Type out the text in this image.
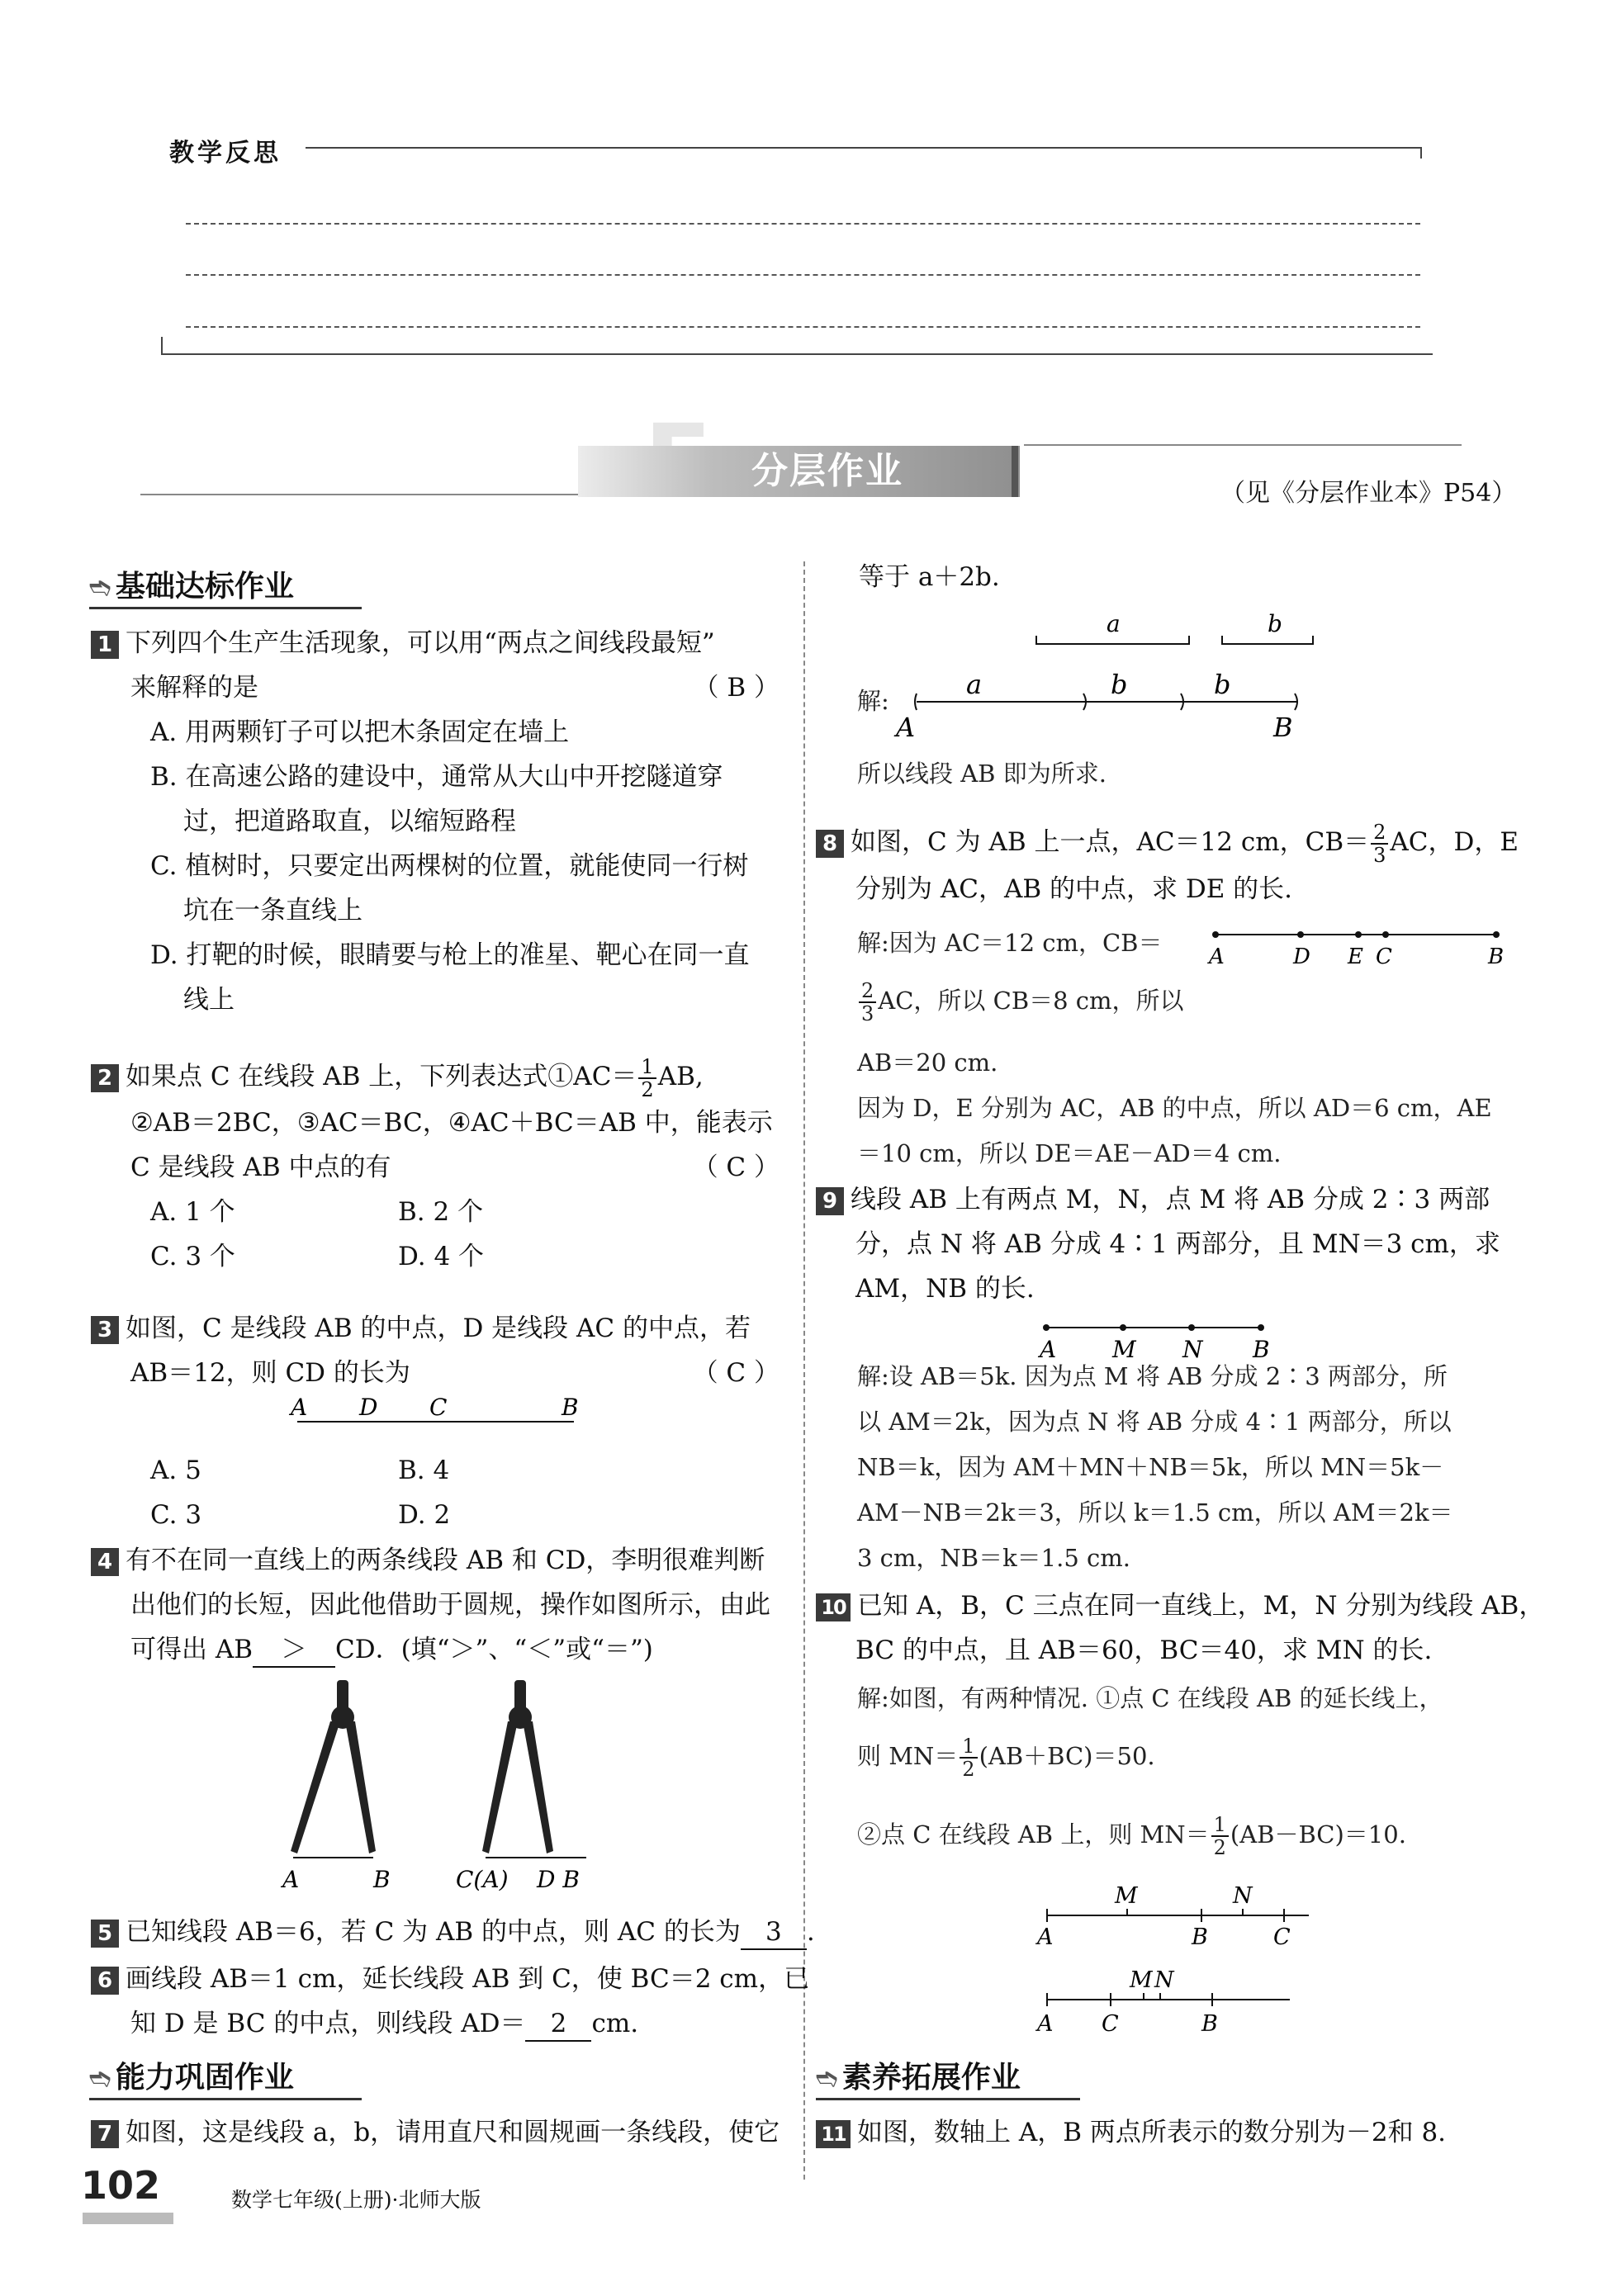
教学反思
分层作业
（见《分层作业本》P54）
➬ 基础达标作业
1 下列四个生产生活现象，可以用“两点之间线段最短”
来解释的是	（ B ）
A. 用两颗钉子可以把木条固定在墙上
B. 在高速公路的建设中，通常从大山中开挖隧道穿
过，把道路取直，以缩短路程
C. 植树时，只要定出两棵树的位置，就能使同一行树
坑在一条直线上
D. 打靶的时候，眼睛要与枪上的准星、靶心在同一直
线上
2 如果点 C 在线段 AB 上，下列表达式①AC＝ $\frac{1}{2}$ AB,
②AB＝2BC，③AC＝BC，④AC＋BC＝AB 中，能表示
C 是线段 AB 中点的有	（ C ）
A. 1 个	B. 2 个
C. 3 个	D. 4 个
3 如图，C 是线段 AB 的中点，D 是线段 AC 的中点，若
AB＝12，则 CD 的长为	（ C ）
A D C	B
A. 5	B. 4
C. 3	D. 2
4 有不在同一直线上的两条线段 AB 和 CD，李明很难判断
出他们的长短，因此他借助于圆规，操作如图所示，由此
可得出 AB ＞ CD．(填“＞”、“＜”或“＝”)
A	B	C(A) D B
5 已知线段 AB＝6，若 C 为 AB 的中点，则 AC 的长为 3 .
6 画线段 AB＝1 cm，延长线段 AB 到 C，使 BC＝2 cm，已
知 D 是 BC 的中点，则线段 AD＝ 2 cm.
➬ 能力巩固作业
7 如图，这是线段 a，b，请用直尺和圆规画一条线段，使它
102	数学七年级(上册)·北师大版
等于 a＋2b.
a	b
解:
a	b	b
A	B
所以线段 AB 即为所求.
8 如图，C 为 AB 上一点，AC＝12 cm，$CB= \frac{2}{3}$ AC，D，E
分别为 AC，AB 的中点，求 DE 的长.
解:因为 AC＝12 cm，CB＝ A	D E C	B
$\frac{2}{3}$ AC，所以 CB＝8 cm，所以
AB＝20 cm.
因为 D，E 分别为 AC，AB 的中点，所以 AD＝6 cm，AE
＝10 cm，所以 DE＝AE－AD＝4 cm.
9 线段 AB 上有两点 M，N，点 M 将 AB 分成 2∶3 两部
分，点 N 将 AB 分成 4∶1 两部分，且 MN＝3 cm，求
AM，NB 的长.
A M N B
解:设 AB＝5k. 因为点 M 将 AB 分成 2∶3 两部分，所
以 AM＝2k，因为点 N 将 AB 分成 4∶1 两部分，所以
NB＝k，因为 AM＋MN＋NB＝5k，所以 MN＝5k－
AM－NB＝2k＝3，所以 k＝1.5 cm，所以 AM＝2k＝
3 cm，NB＝k＝1.5 cm.
10 已知 A，B，C 三点在同一直线上，M，N 分别为线段 AB，
BC 的中点，且 AB＝60，BC＝40，求 MN 的长.
解:如图，有两种情况. ①点 C 在线段 AB 的延长线上，
则 $MN= \frac{1}{2} (AB+BC)=50$.
②点 C 在线段 AB 上，则 $MN= \frac{1}{2} (AB-BC)=10$.
A
M
B
N
C
A C
M N
B
➬ 素养拓展作业
11 如图，数轴上 A，B 两点所表示的数分别为－2和 8.
